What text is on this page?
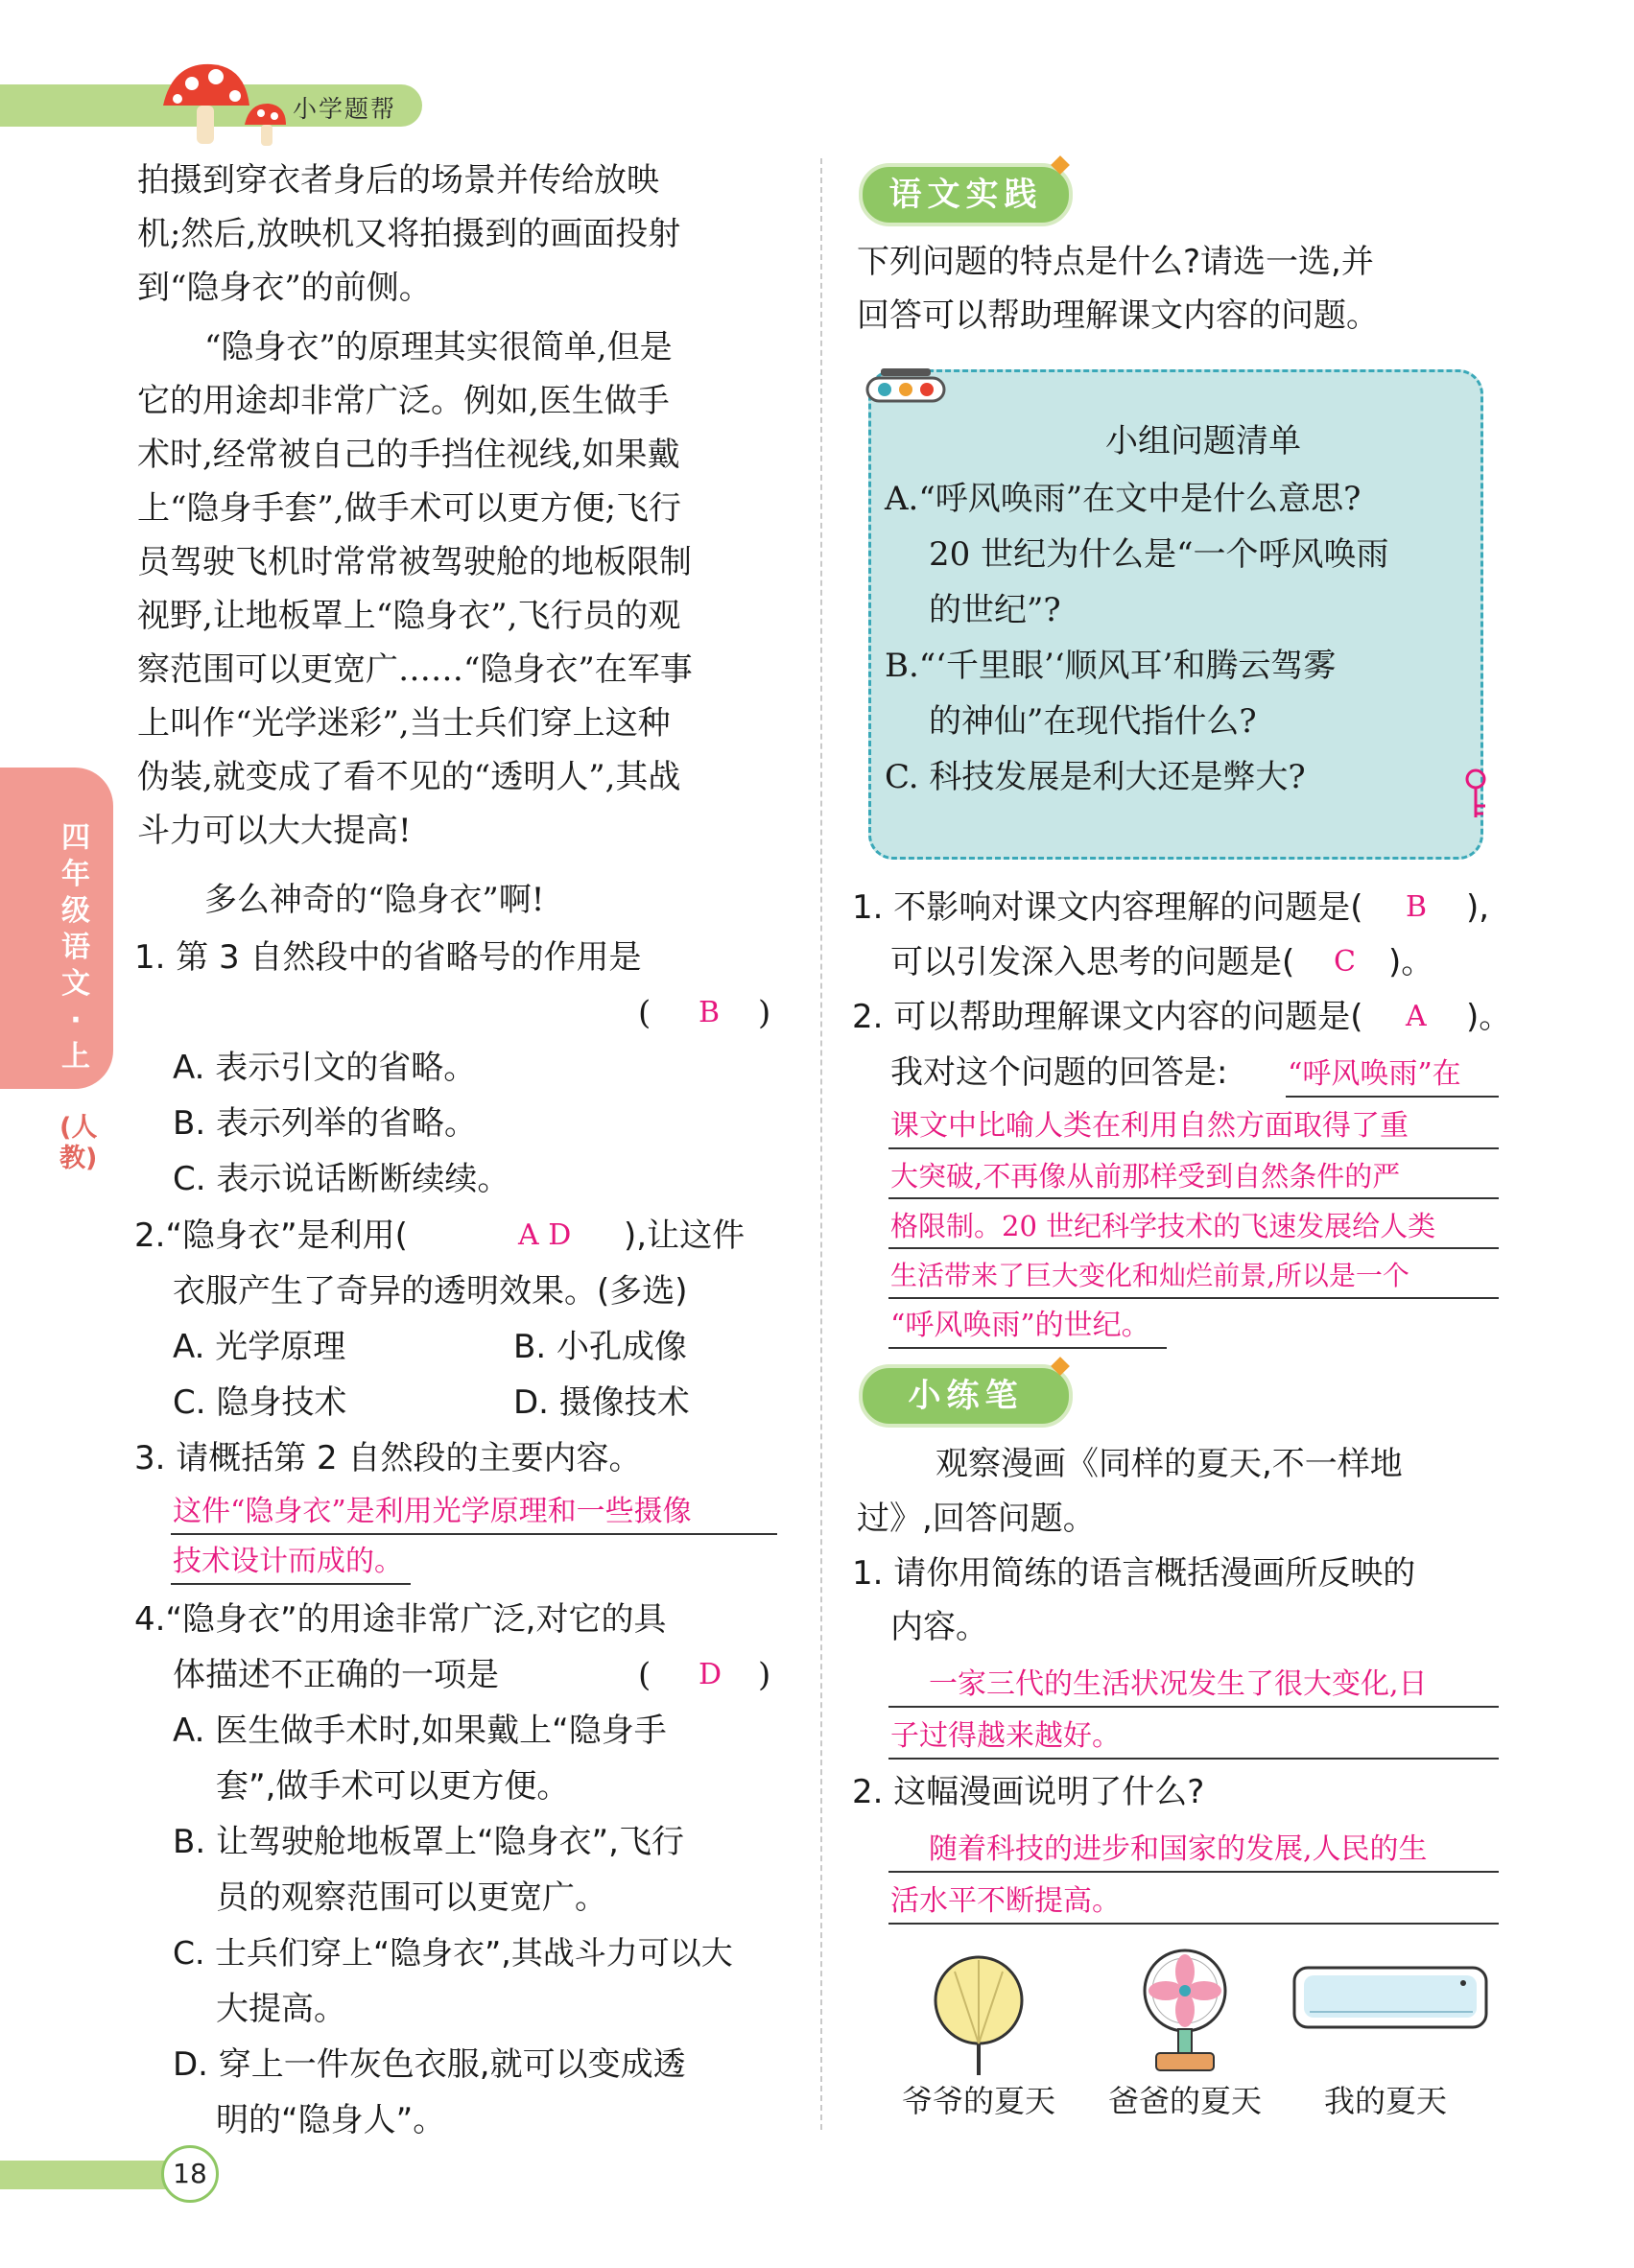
小学题帮
四年级语文·上
(人教)
拍摄到穿衣者身后的场景并传给放映
机;然后,放映机又将拍摄到的画面投射
到“隐身衣”的前侧。
“隐身衣”的原理其实很简单,但是
它的用途却非常广泛。例如,医生做手
术时,经常被自己的手挡住视线,如果戴
上“隐身手套”,做手术可以更方便;飞行
员驾驶飞机时常常被驾驶舱的地板限制
视野,让地板罩上“隐身衣”,飞行员的观
察范围可以更宽广……“隐身衣”在军事
上叫作“光学迷彩”,当士兵们穿上这种
伪装,就变成了看不见的“透明人”,其战
斗力可以大大提高!
多么神奇的“隐身衣”啊!
1. 第 3 自然段中的省略号的作用是
( B )
A. 表示引文的省略。
B. 表示列举的省略。
C. 表示说话断断续续。
2.“隐身衣”是利用(	A D ),让这件
衣服产生了奇异的透明效果。(多选)
A. 光学原理	B. 小孔成像
C. 隐身技术	D. 摄像技术
3. 请概括第 2 自然段的主要内容。
这件“隐身衣”是利用光学原理和一些摄像
技术设计而成的。
4.“隐身衣”的用途非常广泛,对它的具
体描述不正确的一项是	( D )
A. 医生做手术时,如果戴上“隐身手
套”,做手术可以更方便。
B. 让驾驶舱地板罩上“隐身衣”,飞行
员的观察范围可以更宽广。
C. 士兵们穿上“隐身衣”,其战斗力可以大
大提高。
D. 穿上一件灰色衣服,就可以变成透
明的“隐身人”。
语文实践
下列问题的特点是什么?请选一选,并
回答可以帮助理解课文内容的问题。
小组问题清单
A.“呼风唤雨”在文中是什么意思?
20 世纪为什么是“一个呼风唤雨
的世纪”?
B.“‘千里眼’‘顺风耳’和腾云驾雾
的神仙”在现代指什么?
C. 科技发展是利大还是弊大?
1. 不影响对课文内容理解的问题是( B ),
可以引发深入思考的问题是( C )。
2. 可以帮助理解课文内容的问题是( A )。
我对这个问题的回答是: “呼风唤雨”在
课文中比喻人类在利用自然方面取得了重
大突破,不再像从前那样受到自然条件的严
格限制。20 世纪科学技术的飞速发展给人类
生活带来了巨大变化和灿烂前景,所以是一个
“呼风唤雨”的世纪。
小练笔
观察漫画《同样的夏天,不一样地
过》,回答问题。
1. 请你用简练的语言概括漫画所反映的
内容。
一家三代的生活状况发生了很大变化,日
子过得越来越好。
2. 这幅漫画说明了什么?
随着科技的进步和国家的发展,人民的生
活水平不断提高。
爷爷的夏天 爸爸的夏天 我的夏天
18
